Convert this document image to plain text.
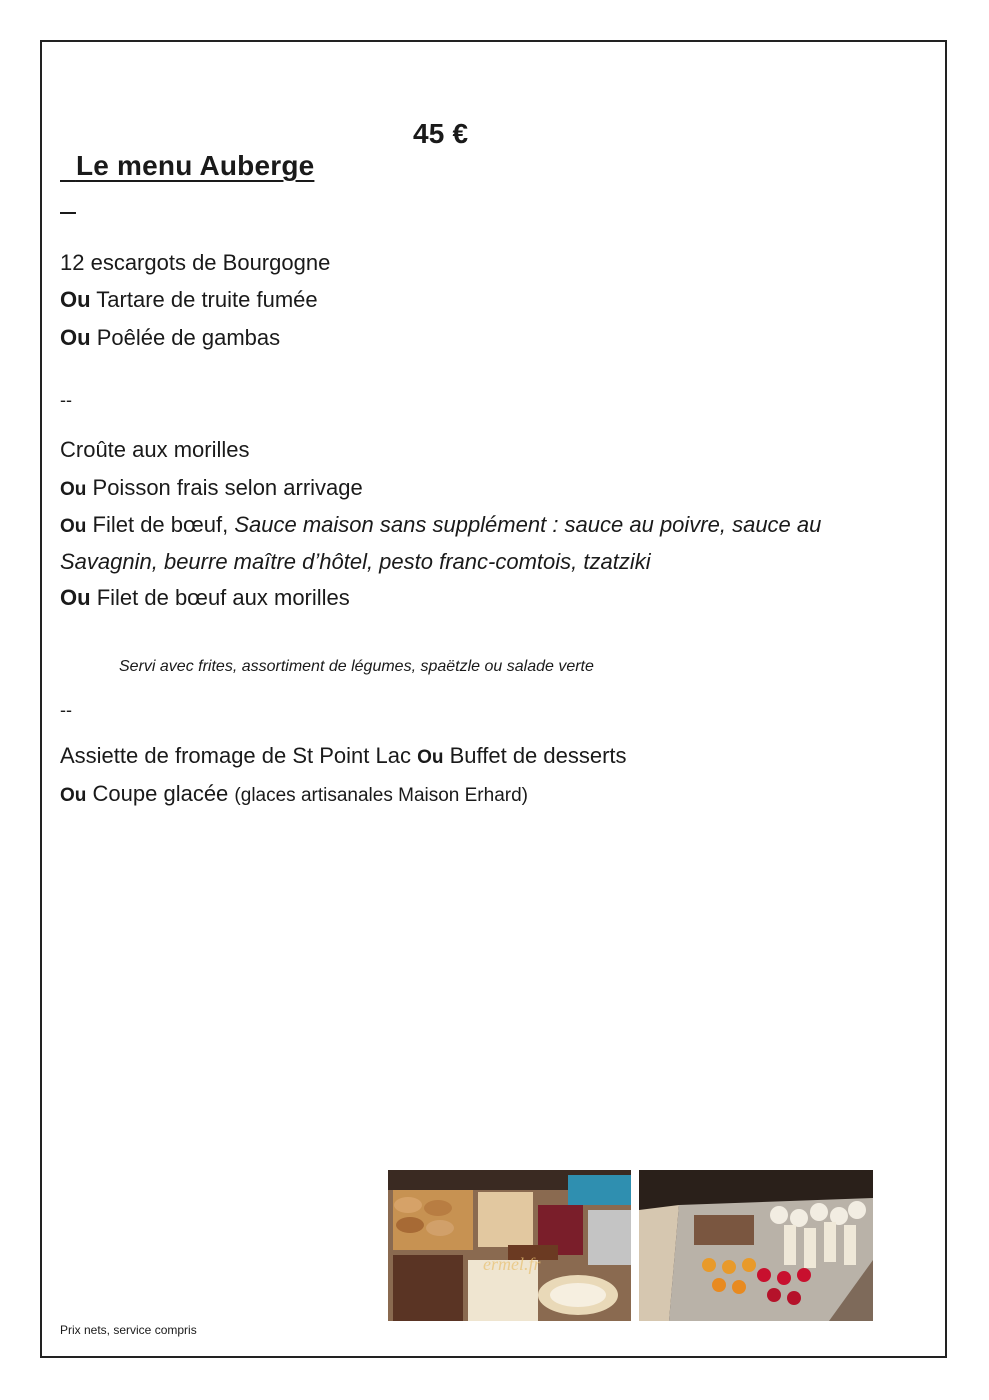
Le menu Auberge

45 €

12 escargots de Bourgogne
Ou Tartare de truite fumée
Ou Poêlée de gambas
--
Croûte aux morilles
Ou Poisson frais selon arrivage
Ou Filet de bœuf, Sauce maison sans supplément : sauce au poivre, sauce au
Savagnin, beurre maître d’hôtel, pesto franc-comtois, tzatziki
Ou Filet de bœuf aux morilles
Servi avec frites, assortiment de légumes, spaëtzle ou salade verte
--
Assiette de fromage de St Point Lac Ou Buffet de desserts
Ou Coupe glacée (glaces artisanales Maison Erhard)
ermel.fr
Prix nets, service compris
